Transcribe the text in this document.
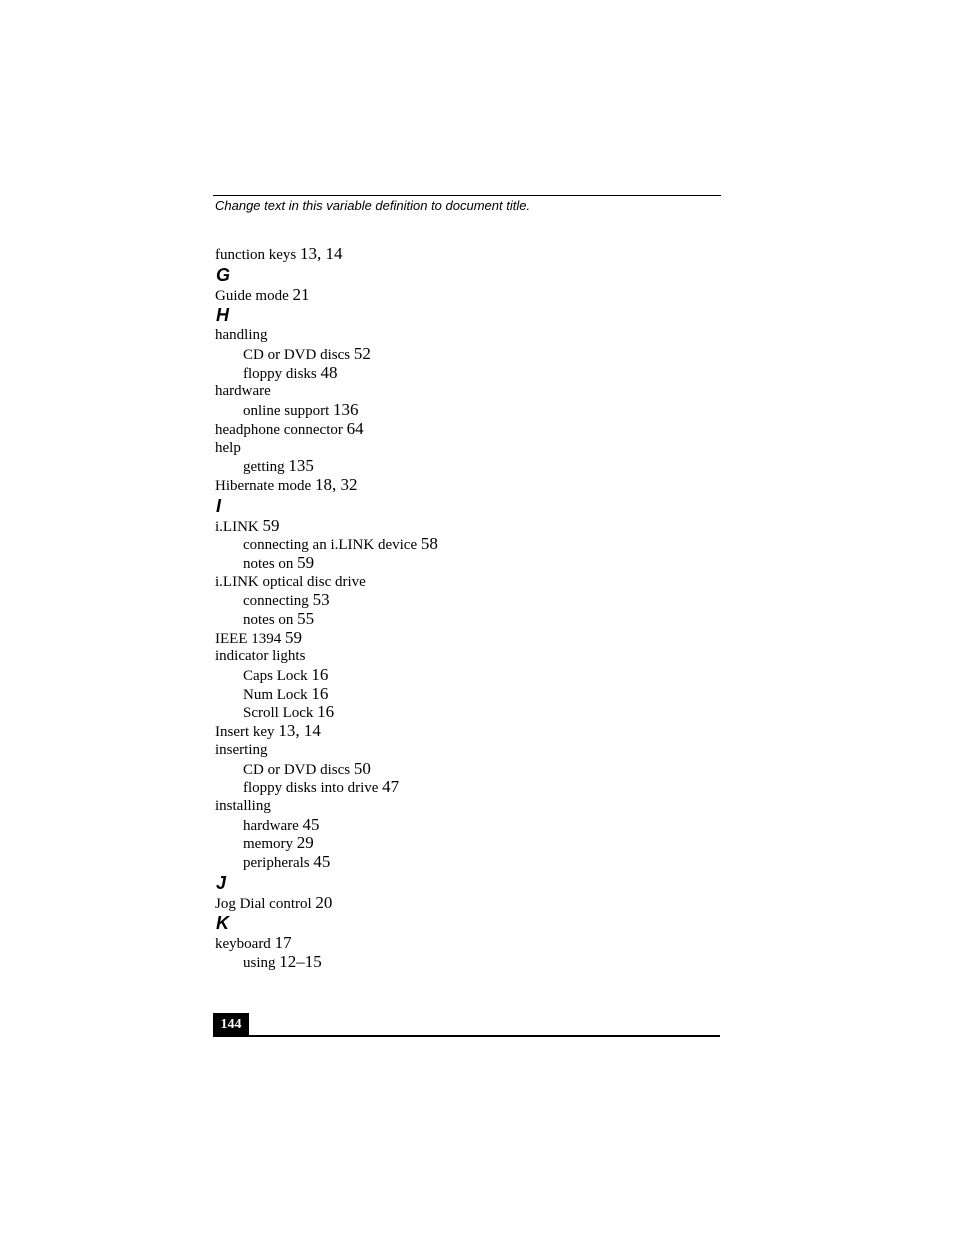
Change text in this variable definition to document title.
function keys 13, 14
G
Guide mode 21
H
handling
CD or DVD discs 52
floppy disks 48
hardware
online support 136
headphone connector 64
help
getting 135
Hibernate mode 18, 32
I
i.LINK 59
connecting an i.LINK device 58
notes on 59
i.LINK optical disc drive
connecting 53
notes on 55
IEEE 1394 59
indicator lights
Caps Lock 16
Num Lock 16
Scroll Lock 16
Insert key 13, 14
inserting
CD or DVD discs 50
floppy disks into drive 47
installing
hardware 45
memory 29
peripherals 45
J
Jog Dial control 20
K
keyboard 17
using 12–15
144
